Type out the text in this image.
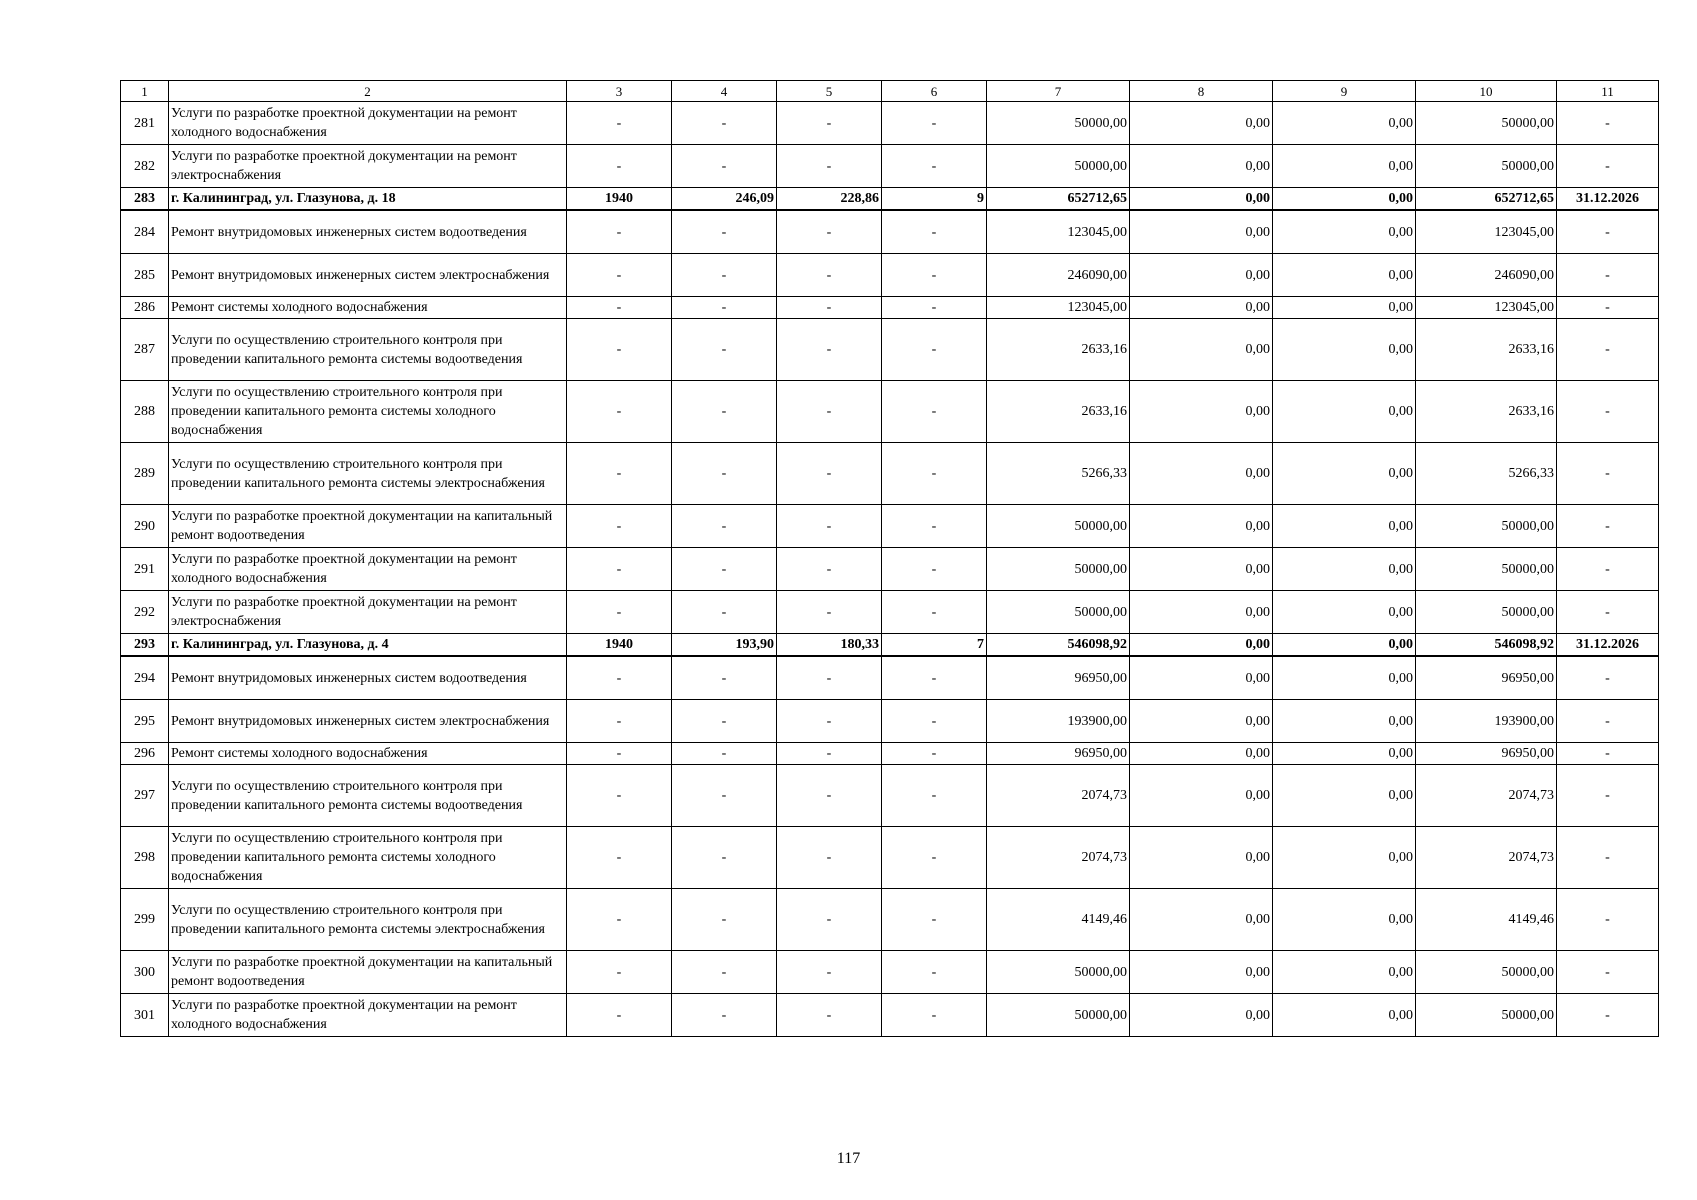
1	2	3	4	5	6	7	8	9	10	11
281	Услуги по разработке проектной документации на ремонт холодного водоснабжения	-	-	-	-	50000,00	0,00	0,00	50000,00	-
282	Услуги по разработке проектной документации на ремонт электроснабжения	-	-	-	-	50000,00	0,00	0,00	50000,00	-
283	г. Калининград, ул. Глазунова, д. 18	1940	246,09	228,86	9	652712,65	0,00	0,00	652712,65	31.12.2026
284	Ремонт внутридомовых инженерных систем водоотведения	-	-	-	-	123045,00	0,00	0,00	123045,00	-
285	Ремонт внутридомовых инженерных систем электроснабжения	-	-	-	-	246090,00	0,00	0,00	246090,00	-
286	Ремонт системы холодного водоснабжения	-	-	-	-	123045,00	0,00	0,00	123045,00	-
287	Услуги по осуществлению строительного контроля при проведении капитального ремонта системы водоотведения	-	-	-	-	2633,16	0,00	0,00	2633,16	-
288	Услуги по осуществлению строительного контроля при проведении капитального ремонта системы холодного водоснабжения	-	-	-	-	2633,16	0,00	0,00	2633,16	-
289	Услуги по осуществлению строительного контроля при проведении капитального ремонта системы электроснабжения	-	-	-	-	5266,33	0,00	0,00	5266,33	-
290	Услуги по разработке проектной документации на капитальный ремонт водоотведения	-	-	-	-	50000,00	0,00	0,00	50000,00	-
291	Услуги по разработке проектной документации на ремонт холодного водоснабжения	-	-	-	-	50000,00	0,00	0,00	50000,00	-
292	Услуги по разработке проектной документации на ремонт электроснабжения	-	-	-	-	50000,00	0,00	0,00	50000,00	-
293	г. Калининград, ул. Глазунова, д. 4	1940	193,90	180,33	7	546098,92	0,00	0,00	546098,92	31.12.2026
294	Ремонт внутридомовых инженерных систем водоотведения	-	-	-	-	96950,00	0,00	0,00	96950,00	-
295	Ремонт внутридомовых инженерных систем электроснабжения	-	-	-	-	193900,00	0,00	0,00	193900,00	-
296	Ремонт системы холодного водоснабжения	-	-	-	-	96950,00	0,00	0,00	96950,00	-
297	Услуги по осуществлению строительного контроля при проведении капитального ремонта системы водоотведения	-	-	-	-	2074,73	0,00	0,00	2074,73	-
298	Услуги по осуществлению строительного контроля при проведении капитального ремонта системы холодного водоснабжения	-	-	-	-	2074,73	0,00	0,00	2074,73	-
299	Услуги по осуществлению строительного контроля при проведении капитального ремонта системы электроснабжения	-	-	-	-	4149,46	0,00	0,00	4149,46	-
300	Услуги по разработке проектной документации на капитальный ремонт водоотведения	-	-	-	-	50000,00	0,00	0,00	50000,00	-
301	Услуги по разработке проектной документации на ремонт холодного водоснабжения	-	-	-	-	50000,00	0,00	0,00	50000,00	-
117
